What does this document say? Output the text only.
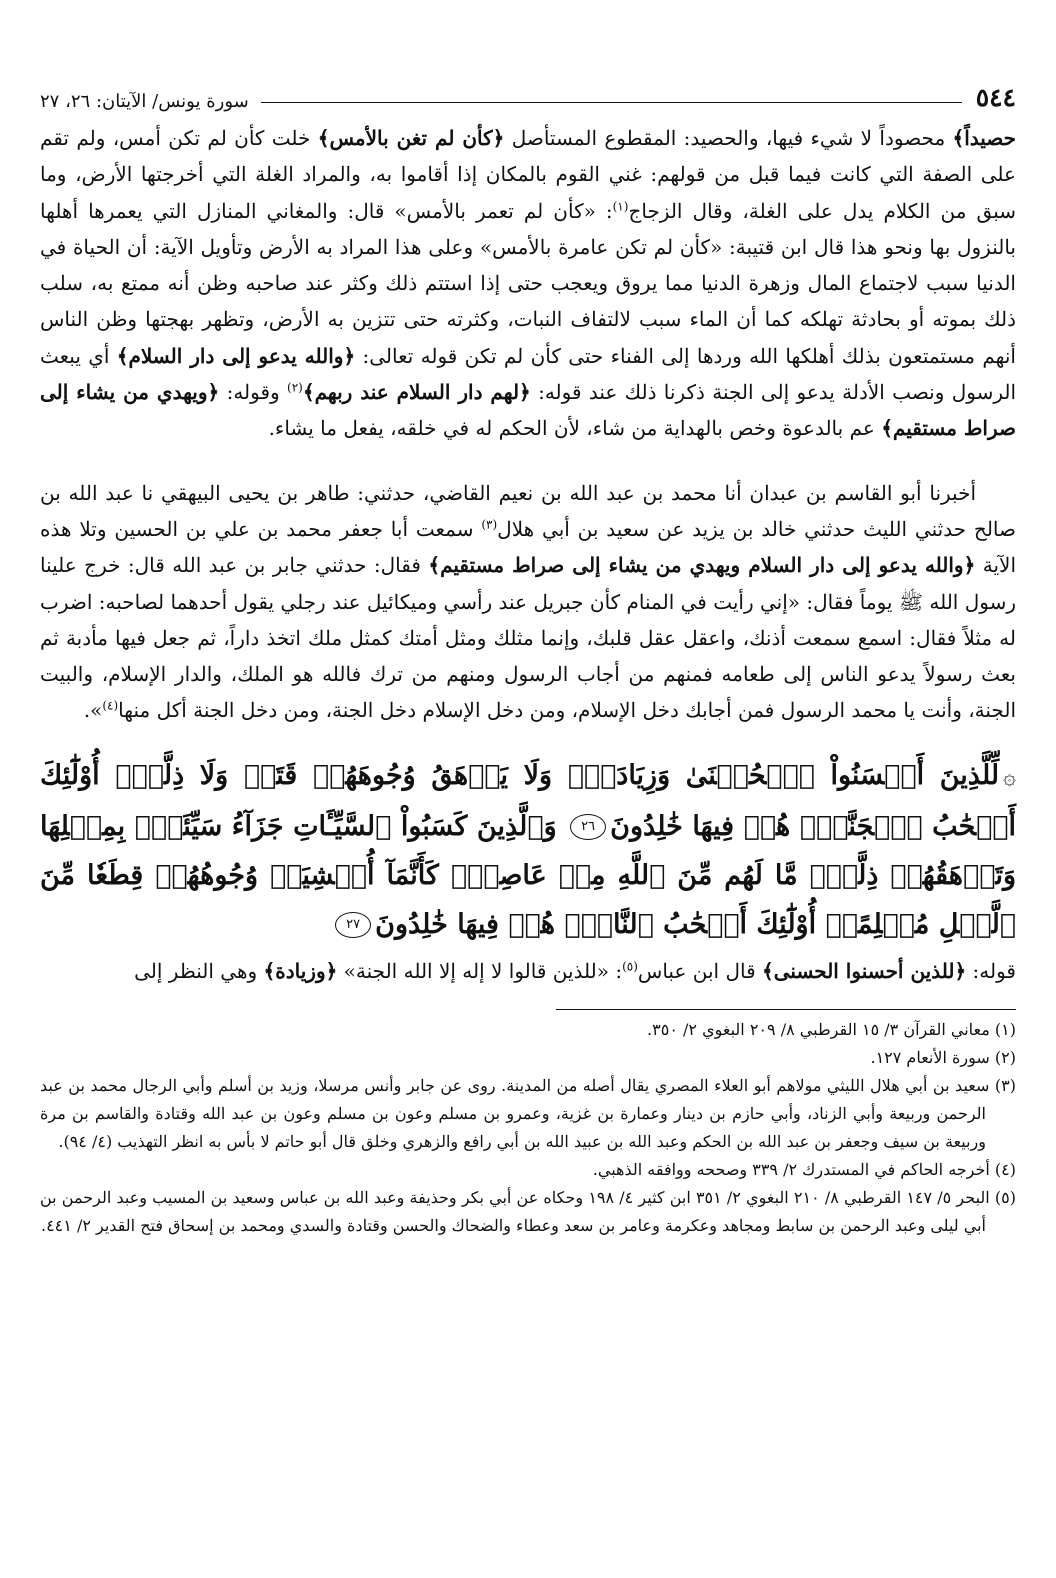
٥٤٤
سورة يونس/ الآيتان: ٢٦، ٢٧

حصيداً﴾ محصوداً لا شيء فيها، والحصيد: المقطوع المستأصل ﴿كأن لم تغن بالأمس﴾ خلت كأن لم تكن أمس، ولم تقم على الصفة التي كانت فيما قبل من قولهم: غني القوم بالمكان إذا أقاموا به، والمراد الغلة التي أخرجتها الأرض، وما سبق من الكلام يدل على الغلة، وقال الزجاج$^{(١)}$: «كأن لم تعمر بالأمس» قال: والمغاني المنازل التي يعمرها أهلها بالنزول بها ونحو هذا قال ابن قتيبة: «كأن لم تكن عامرة بالأمس» وعلى هذا المراد به الأرض وتأويل الآية: أن الحياة في الدنيا سبب لاجتماع المال وزهرة الدنيا مما يروق ويعجب حتى إذا استتم ذلك وكثر عند صاحبه وظن أنه ممتع به، سلب ذلك بموته أو بحادثة تهلكه كما أن الماء سبب لالتفاف النبات، وكثرته حتى تتزين به الأرض، وتظهر بهجتها وظن الناس أنهم مستمتعون بذلك أهلكها الله وردها إلى الفناء حتى كأن لم تكن قوله تعالى: ﴿والله يدعو إلى دار السلام﴾ أي يبعث الرسول ونصب الأدلة يدعو إلى الجنة ذكرنا ذلك عند قوله: ﴿لهم دار السلام عند ربهم﴾$^{(٢)}$ وقوله: ﴿ويهدي من يشاء إلى صراط مستقيم﴾ عم بالدعوة وخص بالهداية من شاء، لأن الحكم له في خلقه، يفعل ما يشاء.

أخبرنا أبو القاسم بن عبدان أنا محمد بن عبد الله بن نعيم القاضي، حدثني: طاهر بن يحيى البيهقي نا عبد الله بن صالح حدثني الليث حدثني خالد بن يزيد عن سعيد بن أبي هلال$^{(٣)}$ سمعت أبا جعفر محمد بن علي بن الحسين وتلا هذه الآية ﴿والله يدعو إلى دار السلام ويهدي من يشاء إلى صراط مستقيم﴾ فقال: حدثني جابر بن عبد الله قال: خرج علينا رسول الله ﷺ يوماً فقال: «إني رأيت في المنام كأن جبريل عند رأسي وميكائيل عند رجلي يقول أحدهما لصاحبه: اضرب له مثلاً فقال: اسمع سمعت أذنك، واعقل عقل قلبك، وإنما مثلك ومثل أمتك كمثل ملك اتخذ داراً، ثم جعل فيها مأدبة ثم بعث رسولاً يدعو الناس إلى طعامه فمنهم من أجاب الرسول ومنهم من ترك فالله هو الملك، والدار الإسلام، والبيت الجنة، وأنت يا محمد الرسول فمن أجابك دخل الإسلام، ومن دخل الإسلام دخل الجنة، ومن دخل الجنة أكل منها$^{(٤)}$».

۞لِّلَّذِينَ أَحۡسَنُواْ ٱلۡحُسۡنَىٰ وَزِيَادَةٞۖ وَلَا يَرۡهَقُ وُجُوهَهُمۡ قَتَرٞ وَلَا ذِلَّةٌۚ أُوْلَٰٓئِكَ أَصۡحَٰبُ ٱلۡجَنَّةِۖ هُمۡ فِيهَا خَٰلِدُونَ٢٦ وَٱلَّذِينَ كَسَبُواْ ٱلسَّيِّـَٔاتِ جَزَآءُ سَيِّئَةِۭ بِمِثۡلِهَا وَتَرۡهَقُهُمۡ ذِلَّةٞۖ مَّا لَهُم مِّنَ ٱللَّهِ مِنۡ عَاصِمٖۖ كَأَنَّمَآ أُغۡشِيَتۡ وُجُوهُهُمۡ قِطَعٗا مِّنَ ٱلَّيۡلِ مُظۡلِمًاۚ أُوْلَٰٓئِكَ أَصۡحَٰبُ ٱلنَّارِۖ هُمۡ فِيهَا خَٰلِدُونَ٢٧

قوله: ﴿للذين أحسنوا الحسنى﴾ قال ابن عباس$^{(٥)}$: «للذين قالوا لا إله إلا الله الجنة» ﴿وزيادة﴾ وهي النظر إلى

(١) معاني القرآن ٣/ ١٥ القرطبي ٨/ ٢٠٩ البغوي ٢/ ٣٥٠.

(٢) سورة الأنعام ١٢٧.

(٣) سعيد بن أبي هلال الليثي مولاهم أبو العلاء المصري يقال أصله من المدينة. روى عن جابر وأنس مرسلا، وزيد بن أسلم وأبي الرجال محمد بن عبد الرحمن وربيعة وأبي الزناد، وأبي حازم بن دينار وعمارة بن غزية، وعمرو بن مسلم وعون بن مسلم وعون بن عبد الله وقتادة والقاسم بن مرة وربيعة بن سيف وجعفر بن عبد الله بن الحكم وعبد الله بن عبيد الله بن أبي رافع والزهري وخلق قال أبو حاتم لا بأس به انظر التهذيب (٤/ ٩٤).

(٤) أخرجه الحاكم في المستدرك ٢/ ٣٣٩ وصححه ووافقه الذهبي.

(٥) البحر ٥/ ١٤٧ القرطبي ٨/ ٢١٠ البغوي ٢/ ٣٥١ ابن كثير ٤/ ١٩٨ وحكاه عن أبي بكر وحذيفة وعبد الله بن عباس وسعيد بن المسيب وعبد الرحمن بن أبي ليلى وعبد الرحمن بن سابط ومجاهد وعكرمة وعامر بن سعد وعطاء والضحاك والحسن وقتادة والسدي ومحمد بن إسحاق فتح القدير ٢/ ٤٤١.
